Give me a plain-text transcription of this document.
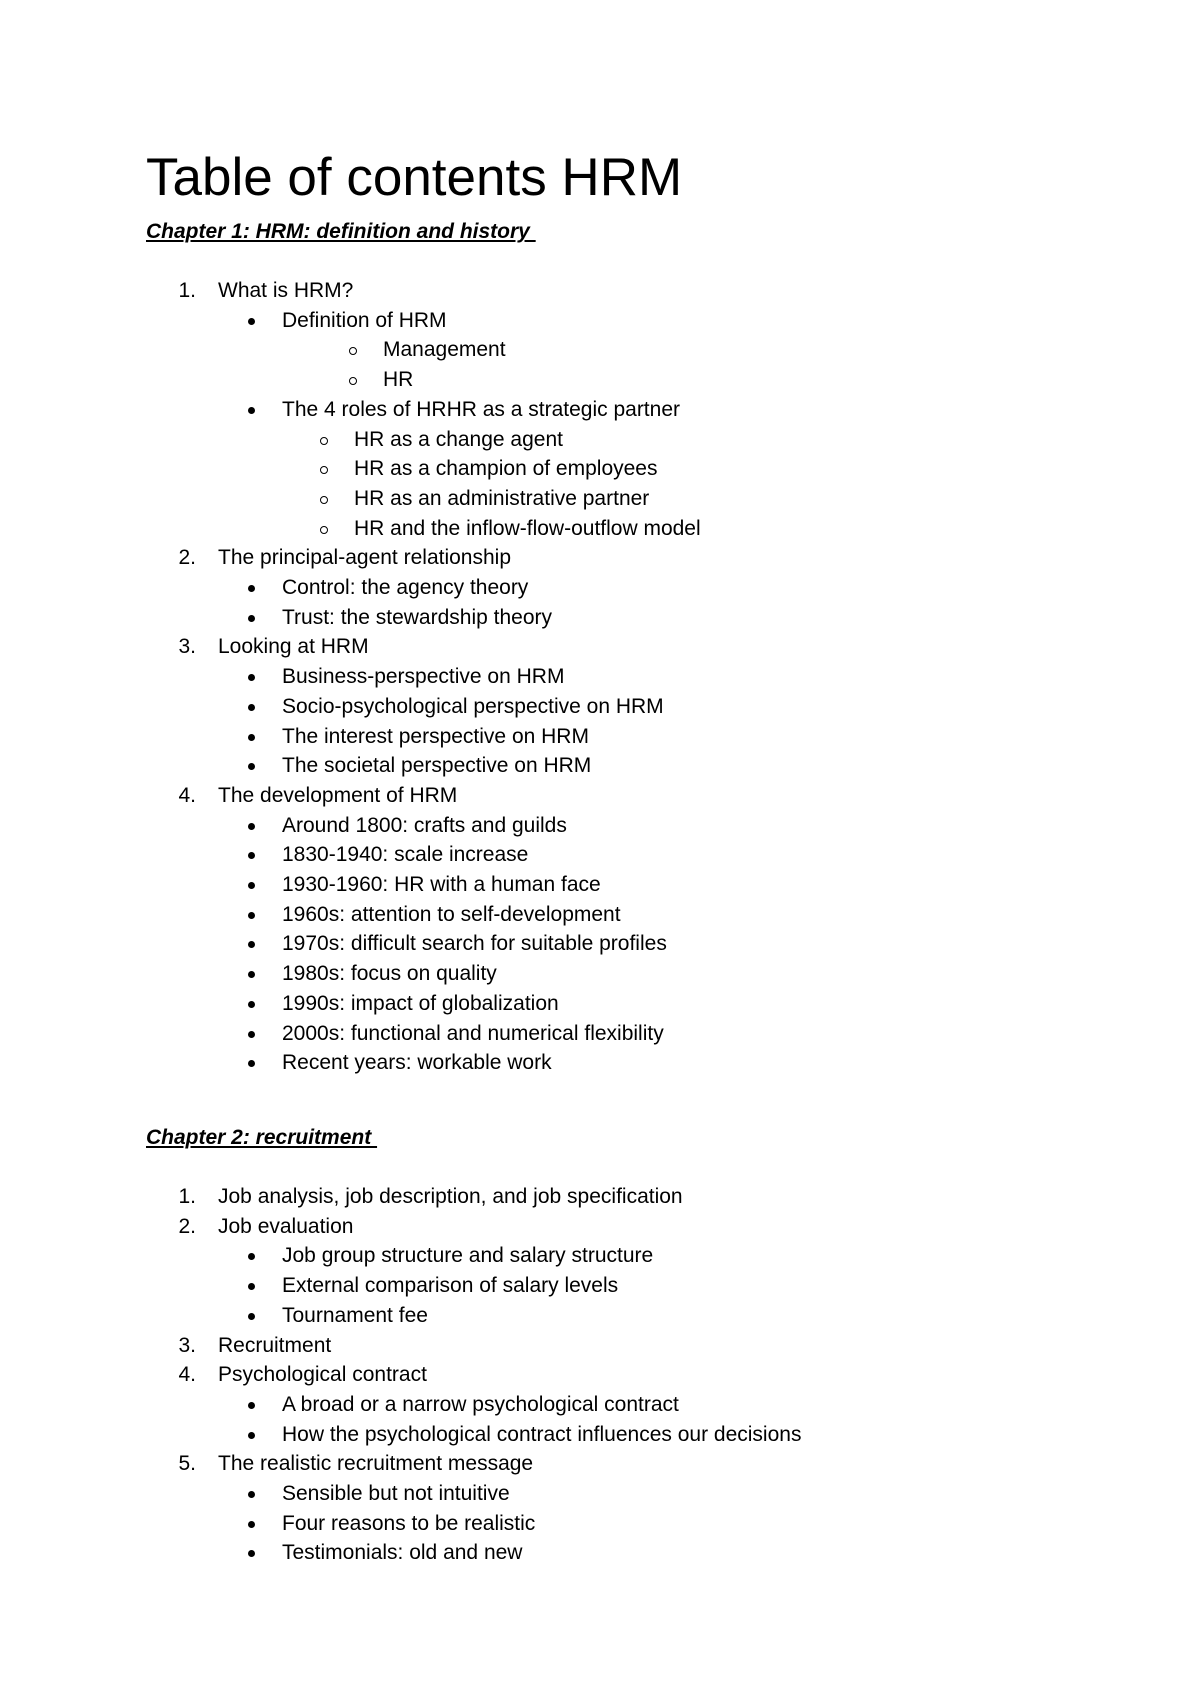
Table of contents HRM
Chapter 1: HRM: definition and history
1. What is HRM?
Definition of HRM
Management
HR
The 4 roles of HRHR as a strategic partner
HR as a change agent
HR as a champion of employees
HR as an administrative partner
HR and the inflow-flow-outflow model
2. The principal-agent relationship
Control: the agency theory
Trust: the stewardship theory
3. Looking at HRM
Business-perspective on HRM
Socio-psychological perspective on HRM
The interest perspective on HRM
The societal perspective on HRM
4. The development of HRM
Around 1800: crafts and guilds
1830-1940: scale increase
1930-1960: HR with a human face
1960s: attention to self-development
1970s: difficult search for suitable profiles
1980s: focus on quality
1990s: impact of globalization
2000s: functional and numerical flexibility
Recent years: workable work
Chapter 2: recruitment
1. Job analysis, job description, and job specification
2. Job evaluation
Job group structure and salary structure
External comparison of salary levels
Tournament fee
3. Recruitment
4. Psychological contract
A broad or a narrow psychological contract
How the psychological contract influences our decisions
5. The realistic recruitment message
Sensible but not intuitive
Four reasons to be realistic
Testimonials: old and new
